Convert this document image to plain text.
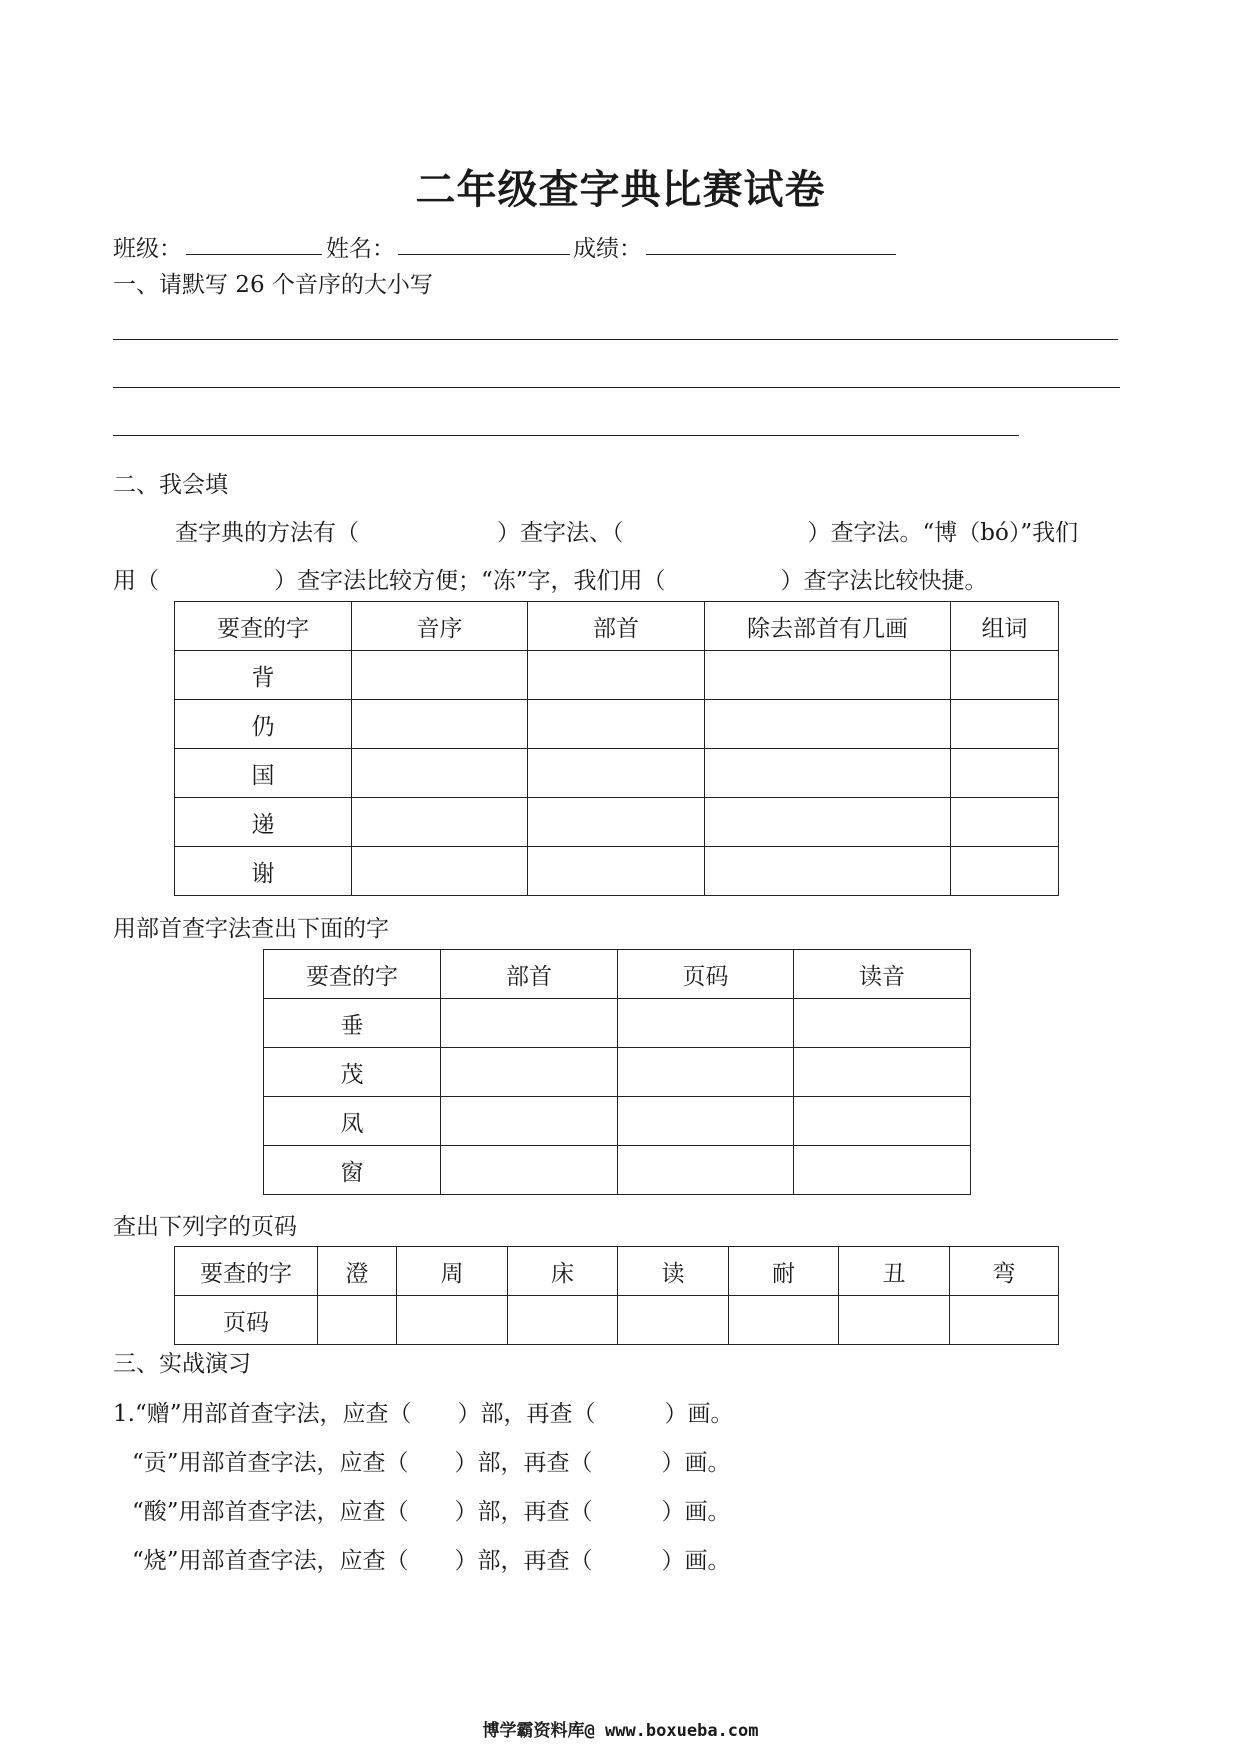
二年级查字典比赛试卷
班级：	姓名：	成绩：
一、请默写 26 个音序的大小写
二、我会填
查字典的方法有（　　　　　　）查字法、（　　　　　　　　）查字法。“博（bó）”我们
用（　　　　　）查字法比较方便；“冻”字，我们用（　　　　　）查字法比较快捷。
要查的字	音序	部首	除去部首有几画	组词
背				
仍				
国				
递				
谢				
用部首查字法查出下面的字
要查的字	部首	页码	读音
垂			
茂			
凤			
窗			
查出下列字的页码
要查的字	澄	周	床	读	耐	丑	弯
页码							
三、实战演习
1.“赠”用部首查字法，应查（　　）部，再查（　　　）画。
“贡”用部首查字法，应查（　　）部，再查（　　　）画。
“酸”用部首查字法，应查（　　）部，再查（　　　）画。
“烧”用部首查字法，应查（　　）部，再查（　　　）画。
博学霸资料库@ www.boxueba.com
